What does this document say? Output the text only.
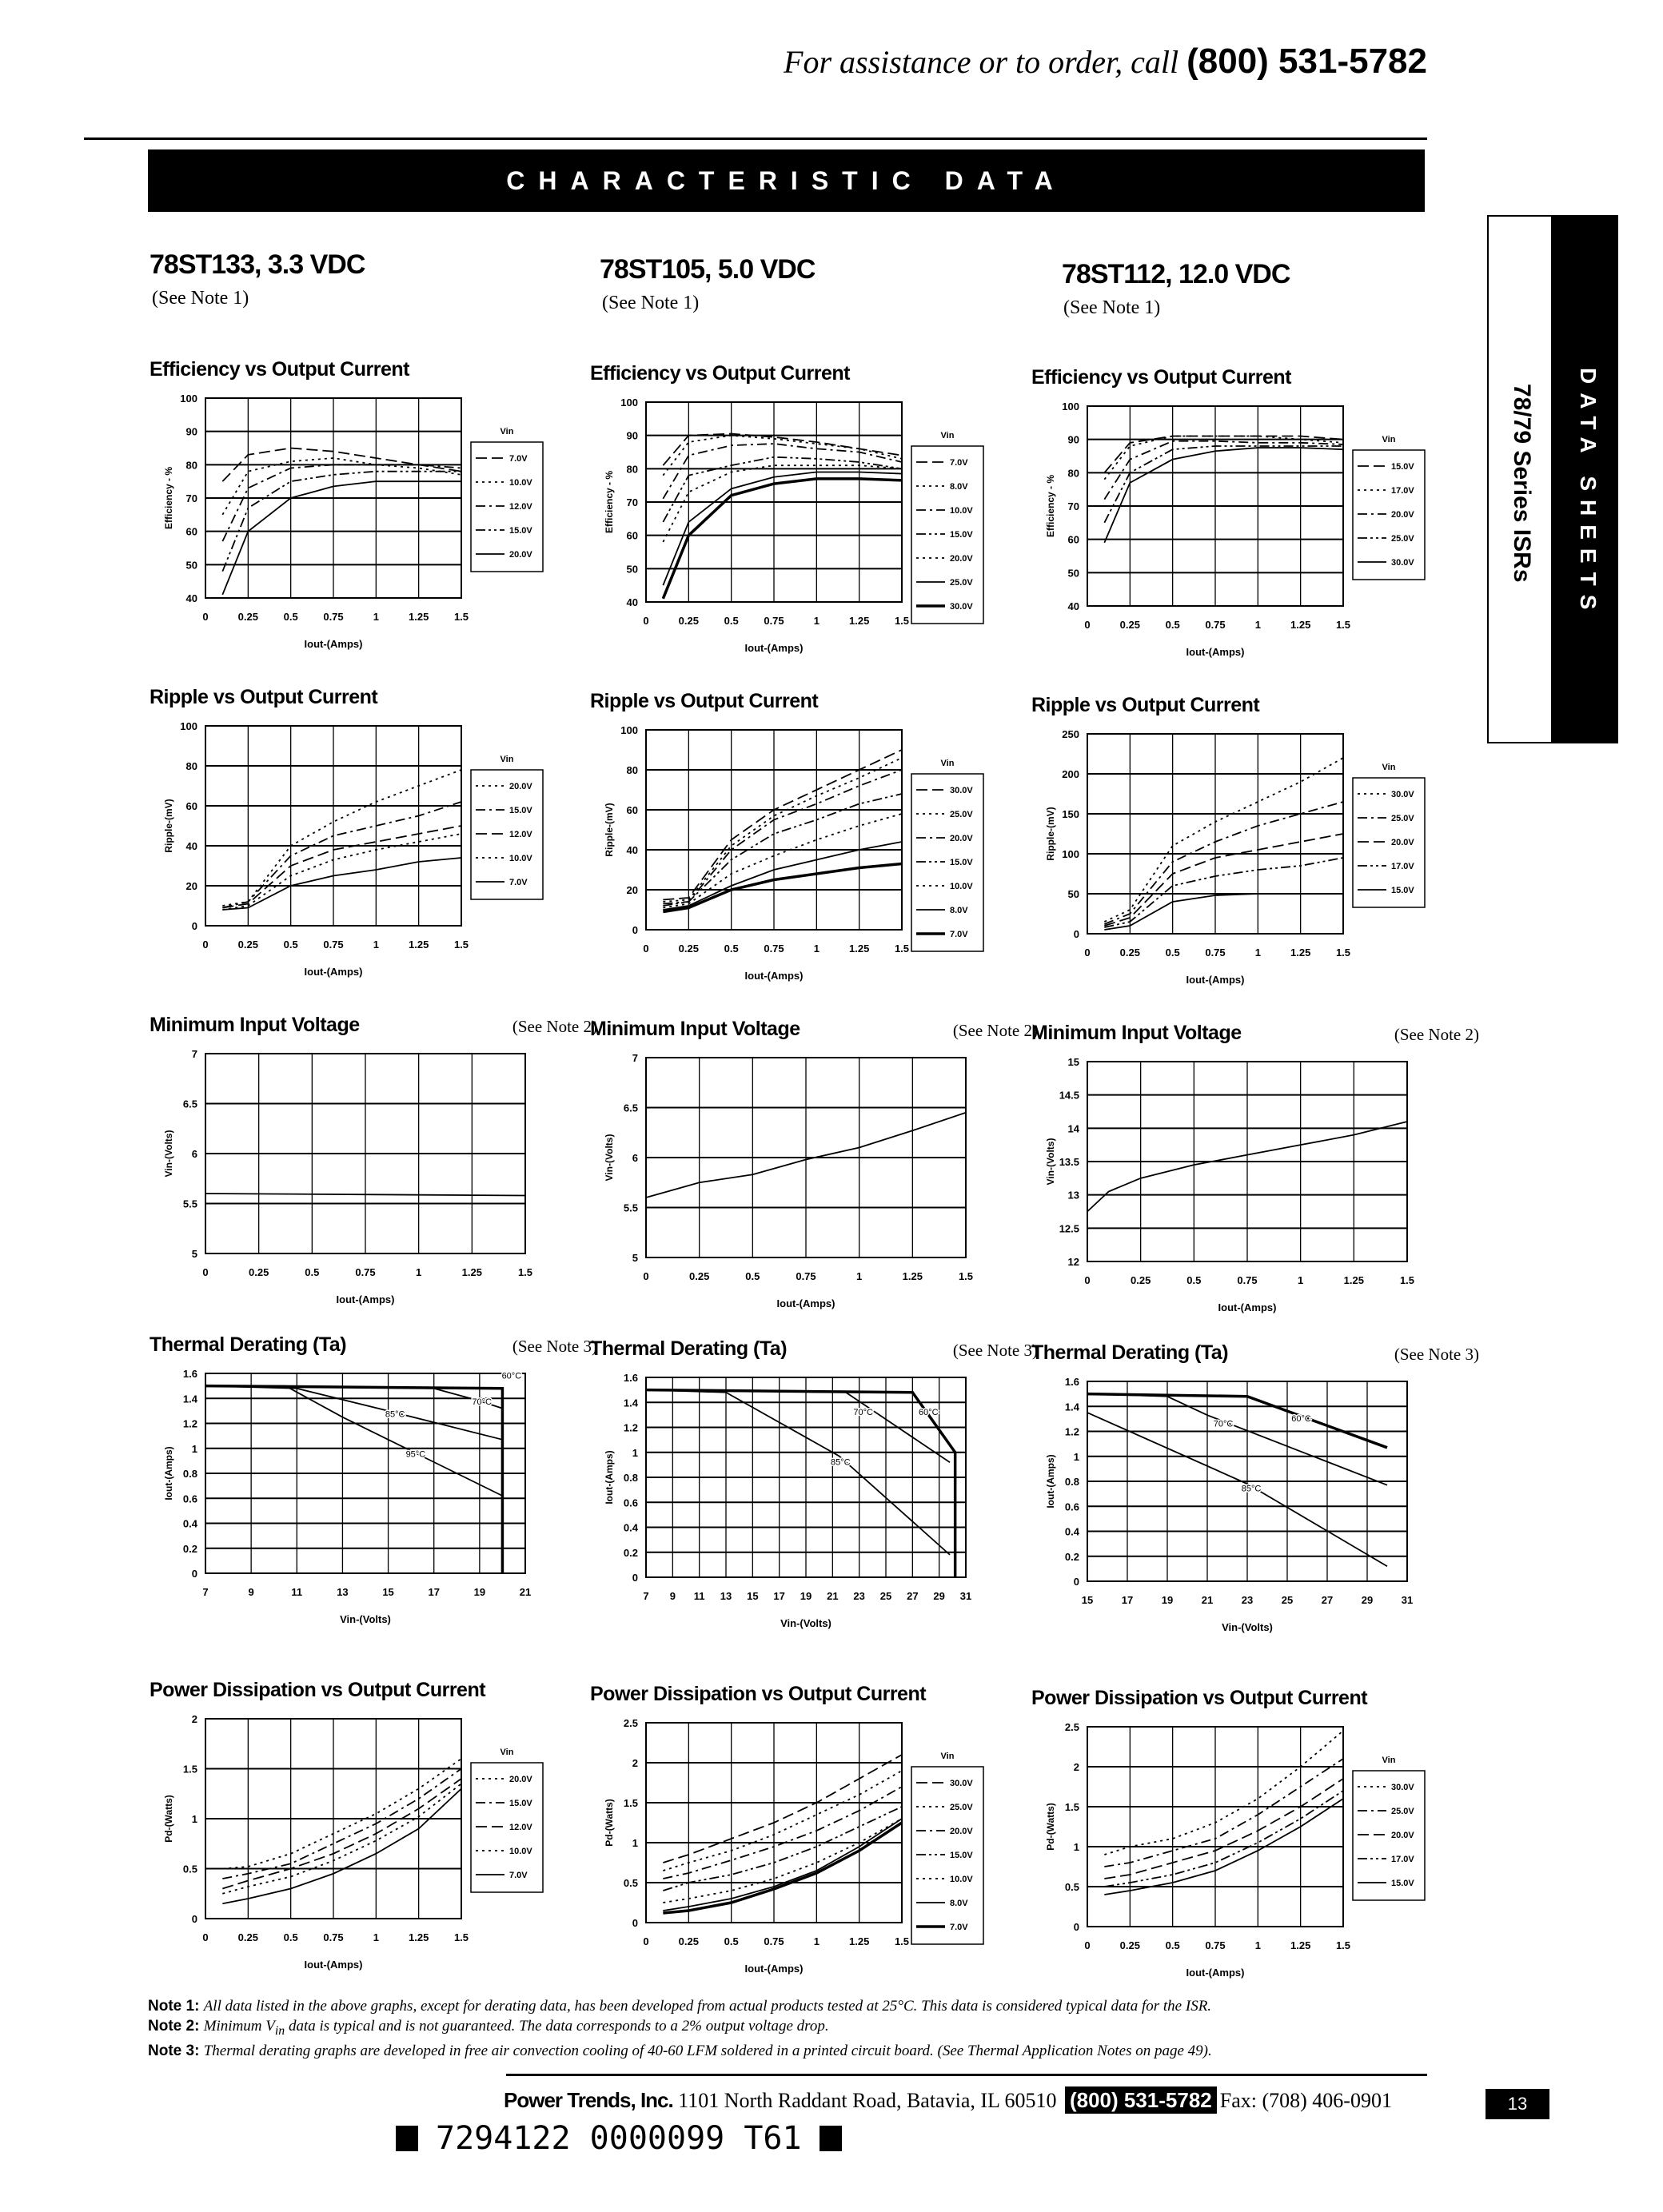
For assistance or to order, call (800) 531-5782
CHARACTERISTIC DATA
DATA SHEETS
78/79 Series ISRs
78ST133, 3.3 VDC
(See Note 1)
78ST105, 5.0 VDC
(See Note 1)
78ST112, 12.0 VDC
(See Note 1)
Efficiency vs Output Current
40
50
60
70
80
90
100
0	0.25 0.5 0.75	1	1.25 1.5
Iout-(Amps)
Efficiency - %
Vin
7.0V
10.0V
12.0V
15.0V
20.0V
Efficiency vs Output Current
40
50
60
70
80
90
100
0	0.25 0.5 0.75	1	1.25 1.5
Iout-(Amps)
Efficiency - %
Vin
7.0V
8.0V
10.0V
15.0V
20.0V
25.0V
30.0V
Efficiency vs Output Current
40
50
60
70
80
90
100
0	0.25 0.5 0.75	1	1.25 1.5
Iout-(Amps)
Efficiency - %
Vin
15.0V
17.0V
20.0V
25.0V
30.0V
Ripple vs Output Current
0
20
40
60
80
100
0	0.25 0.5 0.75	1	1.25 1.5
Iout-(Amps)
Ripple-(mV)
Vin
20.0V
15.0V
12.0V
10.0V
7.0V
Ripple vs Output Current
0
20
40
60
80
100
0	0.25 0.5 0.75	1	1.25 1.5
Iout-(Amps)
Ripple-(mV)
Vin
30.0V
25.0V
20.0V
15.0V
10.0V
8.0V
7.0V
Ripple vs Output Current
0
50
100
150
200
250
0	0.25 0.5 0.75	1	1.25 1.5
Iout-(Amps)
Ripple-(mV)
Vin
30.0V
25.0V
20.0V
17.0V
15.0V
Minimum Input Voltage	(See Note 2)
5
5.5
6
6.5
7
0	0.25	0.5	0.75	1	1.25	1.5
Iout-(Amps)
Vin-(Volts)
Minimum Input Voltage	(See Note 2)
5
5.5
6
6.5
7
0	0.25	0.5	0.75	1	1.25	1.5
Iout-(Amps)
Vin-(Volts)
Minimum Input Voltage	(See Note 2)
12
12.5
13
13.5
14
14.5
15
0	0.25	0.5	0.75	1	1.25	1.5
Iout-(Amps)
Vin-(Volts)
Thermal Derating (Ta)	(See Note 3)
0
0.2
0.4
0.6
0.8
1
1.2
1.4
1.6
7	9	11	13	15	17	19	21
Vin-(Volts)
Iout-(Amps)
60°C
70°C
85°C
95°C
Thermal Derating (Ta)	(See Note 3)
0
0.2
0.4
0.6
0.8
1
1.2
1.4
1.6
7 9 11 13 15 17 19 21 23 25 27 29 31
Vin-(Volts)
Iout-(Amps)
60°C
70°C
85°C
Thermal Derating (Ta)	(See Note 3)
0
0.2
0.4
0.6
0.8
1
1.2
1.4
1.6
15	17	19	21	23	25	27	29	31
Vin-(Volts)
Iout-(Amps)
60°C
70°C
85°C
Power Dissipation vs Output Current
0
0.5
1
1.5
2
0	0.25 0.5 0.75	1	1.25 1.5
Iout-(Amps)
Pd-(Watts)
Vin
20.0V
15.0V
12.0V
10.0V
7.0V
Power Dissipation vs Output Current
0
0.5
1
1.5
2
2.5
0	0.25 0.5 0.75	1	1.25 1.5
Iout-(Amps)
Pd-(Watts)
Vin
30.0V
25.0V
20.0V
15.0V
10.0V
8.0V
7.0V
Power Dissipation vs Output Current
0
0.5
1
1.5
2
2.5
0	0.25 0.5 0.75	1	1.25 1.5
Iout-(Amps)
Pd-(Watts)
Vin
30.0V
25.0V
20.0V
17.0V
15.0V
Note 1: All data listed in the above graphs, except for derating data, has been developed from actual products tested at 25°C. This data is considered typical data for the ISR.
Note 2: Minimum $V_{in}$ data is typical and is not guaranteed. The data corresponds to a 2% output voltage drop.
Note 3: Thermal derating graphs are developed in free air convection cooling of 40-60 LFM soldered in a printed circuit board. (See Thermal Application Notes on page 49).
Power Trends, Inc. 1101 North Raddant Road, Batavia, IL 60510 (800) 531-5782 Fax: (708) 406-0901	13
7294122 0000099 T61
